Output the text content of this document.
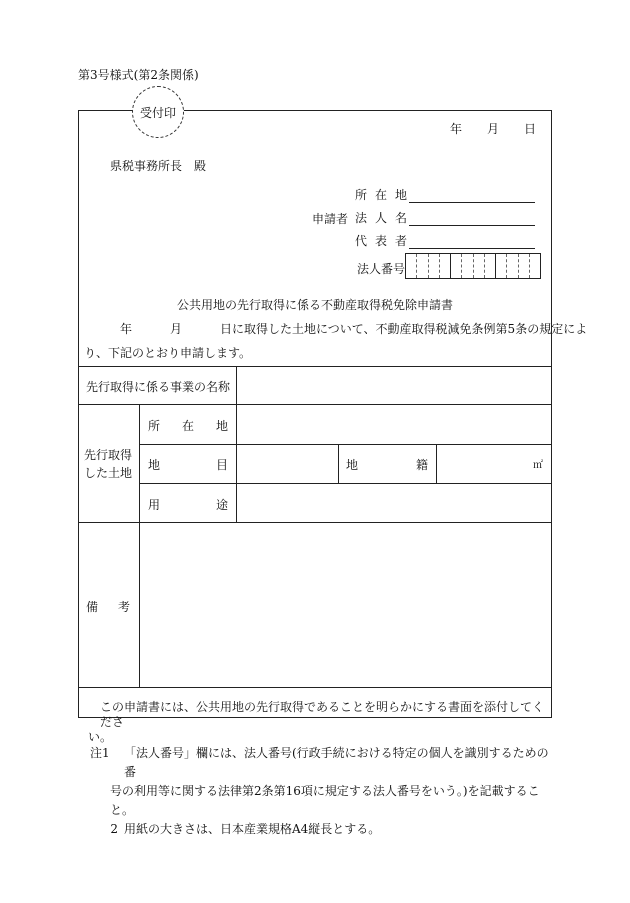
第3号様式(第2条関係)
受付印
年 月 日
県税事務所長　殿
申請者
所在地
法人名
代表者
法人番号
公共用地の先行取得に係る不動産取得税免除申請書
年	月	日に取得した土地について、不動産取得税減免条例第5条の規定によ
り、下記のとおり申請します。
先行取得に係る事業の名称
先行取得
した土地
所在地
地目	地籍	㎡
用途
備考
この申請書には、公共用地の先行取得であることを明らかにする書面を添付してくださ
い。
注1	「法人番号」欄には、法人番号(行政手続における特定の個人を識別するための番
号の利用等に関する法律第2条第16項に規定する法人番号をいう。)を記載すること。
2 用紙の大きさは、日本産業規格A4縦長とする。
